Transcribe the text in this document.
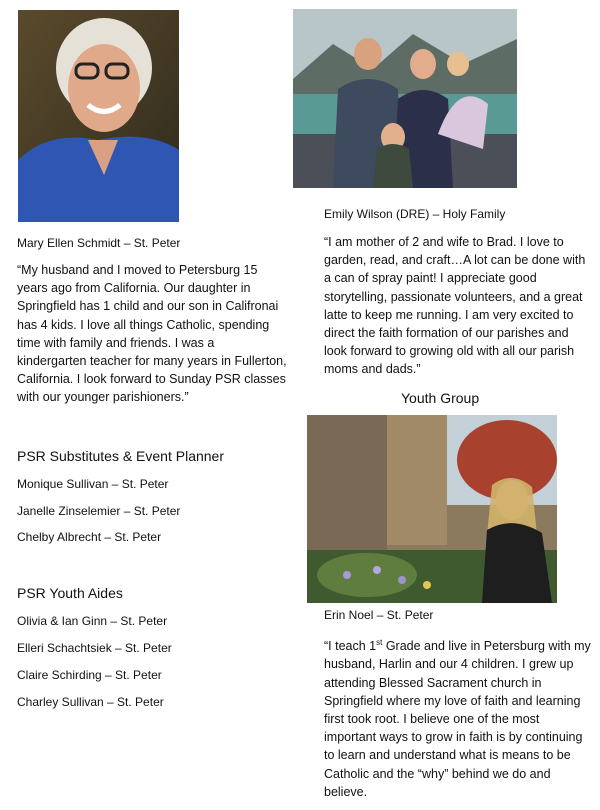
Mary Ellen Schmidt – St. Peter
“My husband and I moved to Petersburg 15
years ago from California. Our daughter in
Springfield has 1 child and our son in Califronai
has 4 kids. I love all things Catholic, spending
time with family and friends. I was a
kindergarten teacher for many years in Fullerton,
California. I look forward to Sunday PSR classes
with our younger parishioners.”
Emily Wilson (DRE) – Holy Family
“I am mother of 2 and wife to Brad. I love to
garden, read, and craft…A lot can be done with
a can of spray paint! I appreciate good
storytelling, passionate volunteers, and a great
latte to keep me running. I am very excited to
direct the faith formation of our parishes and
look forward to growing old with all our parish
moms and dads.”
Youth Group
PSR Substitutes & Event Planner
Monique Sullivan – St. Peter
Janelle Zinselemier – St. Peter
Chelby Albrecht – St. Peter
PSR Youth Aides
Olivia & Ian Ginn – St. Peter
Elleri Schachtsiek – St. Peter
Claire Schirding – St. Peter
Charley Sullivan – St. Peter
Erin Noel – St. Peter
“I teach 1st Grade and live in Petersburg with my
husband, Harlin and our 4 children. I grew up
attending Blessed Sacrament church in
Springfield where my love of faith and learning
first took root. I believe one of the most
important ways to grow in faith is by continuing
to learn and understand what is means to be
Catholic and the “why” behind we do and
believe.
